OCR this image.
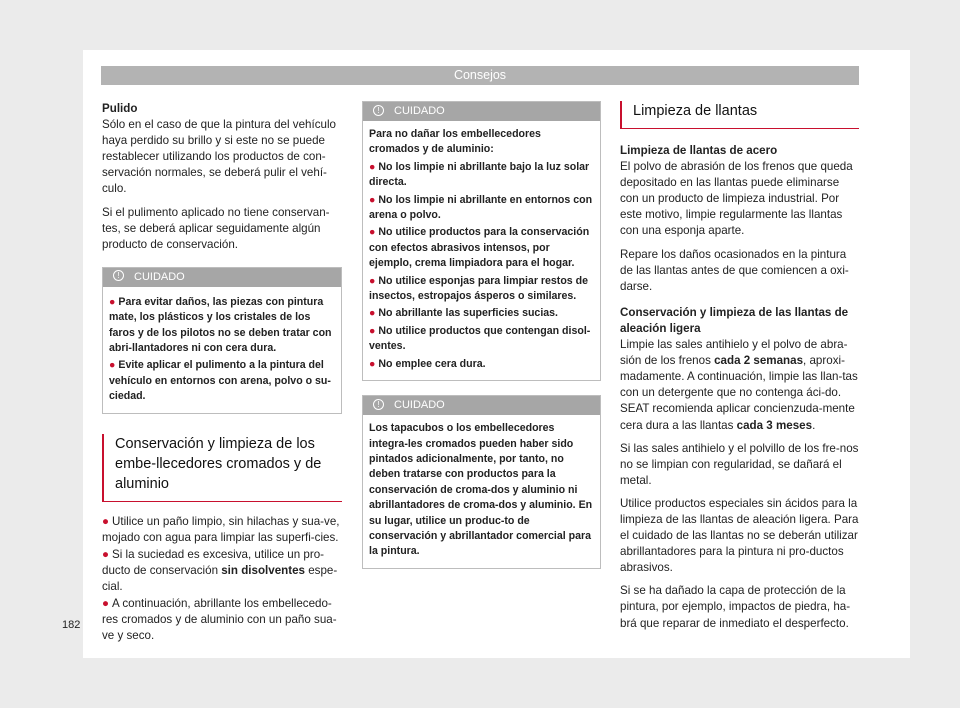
Consejos

Pulido

Sólo en el caso de que la pintura del vehículo haya perdido su brillo y si este no se puede restablecer utilizando los productos de con-servación normales, se deberá pulir el vehí-culo.

Si el pulimento aplicado no tiene conservan-tes, se deberá aplicar seguidamente algún producto de conservación.

! CUIDADO
● Para evitar daños, las piezas con pintura mate, los plásticos y los cristales de los faros y de los pilotos no se deben tratar con abri-llantadores ni con cera dura.
● Evite aplicar el pulimento a la pintura del vehículo en entornos con arena, polvo o su-ciedad.
Conservación y limpieza de los embe-llecedores cromados y de aluminio
● Utilice un paño limpio, sin hilachas y sua-ve, mojado con agua para limpiar las superfi-cies.
● Si la suciedad es excesiva, utilice un pro-ducto de conservación sin disolventes espe-cial.
● A continuación, abrillante los embellecedo-res cromados y de aluminio con un paño sua-ve y seco.
! CUIDADO
Para no dañar los embellecedores cromados y de aluminio:
● No los limpie ni abrillante bajo la luz solar directa.
● No los limpie ni abrillante en entornos con arena o polvo.
● No utilice productos para la conservación con efectos abrasivos intensos, por ejemplo, crema limpiadora para el hogar.
● No utilice esponjas para limpiar restos de insectos, estropajos ásperos o similares.
● No abrillante las superficies sucias.
● No utilice productos que contengan disol-ventes.
● No emplee cera dura.
! CUIDADO
Los tapacubos o los embellecedores integra-les cromados pueden haber sido pintados adicionalmente, por tanto, no deben tratarse con productos para la conservación de croma-dos y aluminio ni abrillantadores de croma-dos y aluminio. En su lugar, utilice un produc-to de conservación y abrillantador comercial para la pintura.
Limpieza de llantas

Limpieza de llantas de acero

El polvo de abrasión de los frenos que queda depositado en las llantas puede eliminarse con un producto de limpieza industrial. Por este motivo, limpie regularmente las llantas con una esponja aparte.

Repare los daños ocasionados en la pintura de las llantas antes de que comiencen a oxi-darse.

Conservación y limpieza de las llantas de aleación ligera

Limpie las sales antihielo y el polvo de abra-sión de los frenos cada 2 semanas, aproxi-madamente. A continuación, limpie las llan-tas con un detergente que no contenga áci-do. SEAT recomienda aplicar concienzuda-mente cera dura a las llantas cada 3 meses.

Si las sales antihielo y el polvillo de los fre-nos no se limpian con regularidad, se dañará el metal.

Utilice productos especiales sin ácidos para la limpieza de las llantas de aleación ligera. Para el cuidado de las llantas no se deberán utilizar abrillantadores para la pintura ni pro-ductos abrasivos.

Si se ha dañado la capa de protección de la pintura, por ejemplo, impactos de piedra, ha-brá que reparar de inmediato el desperfecto.

182
